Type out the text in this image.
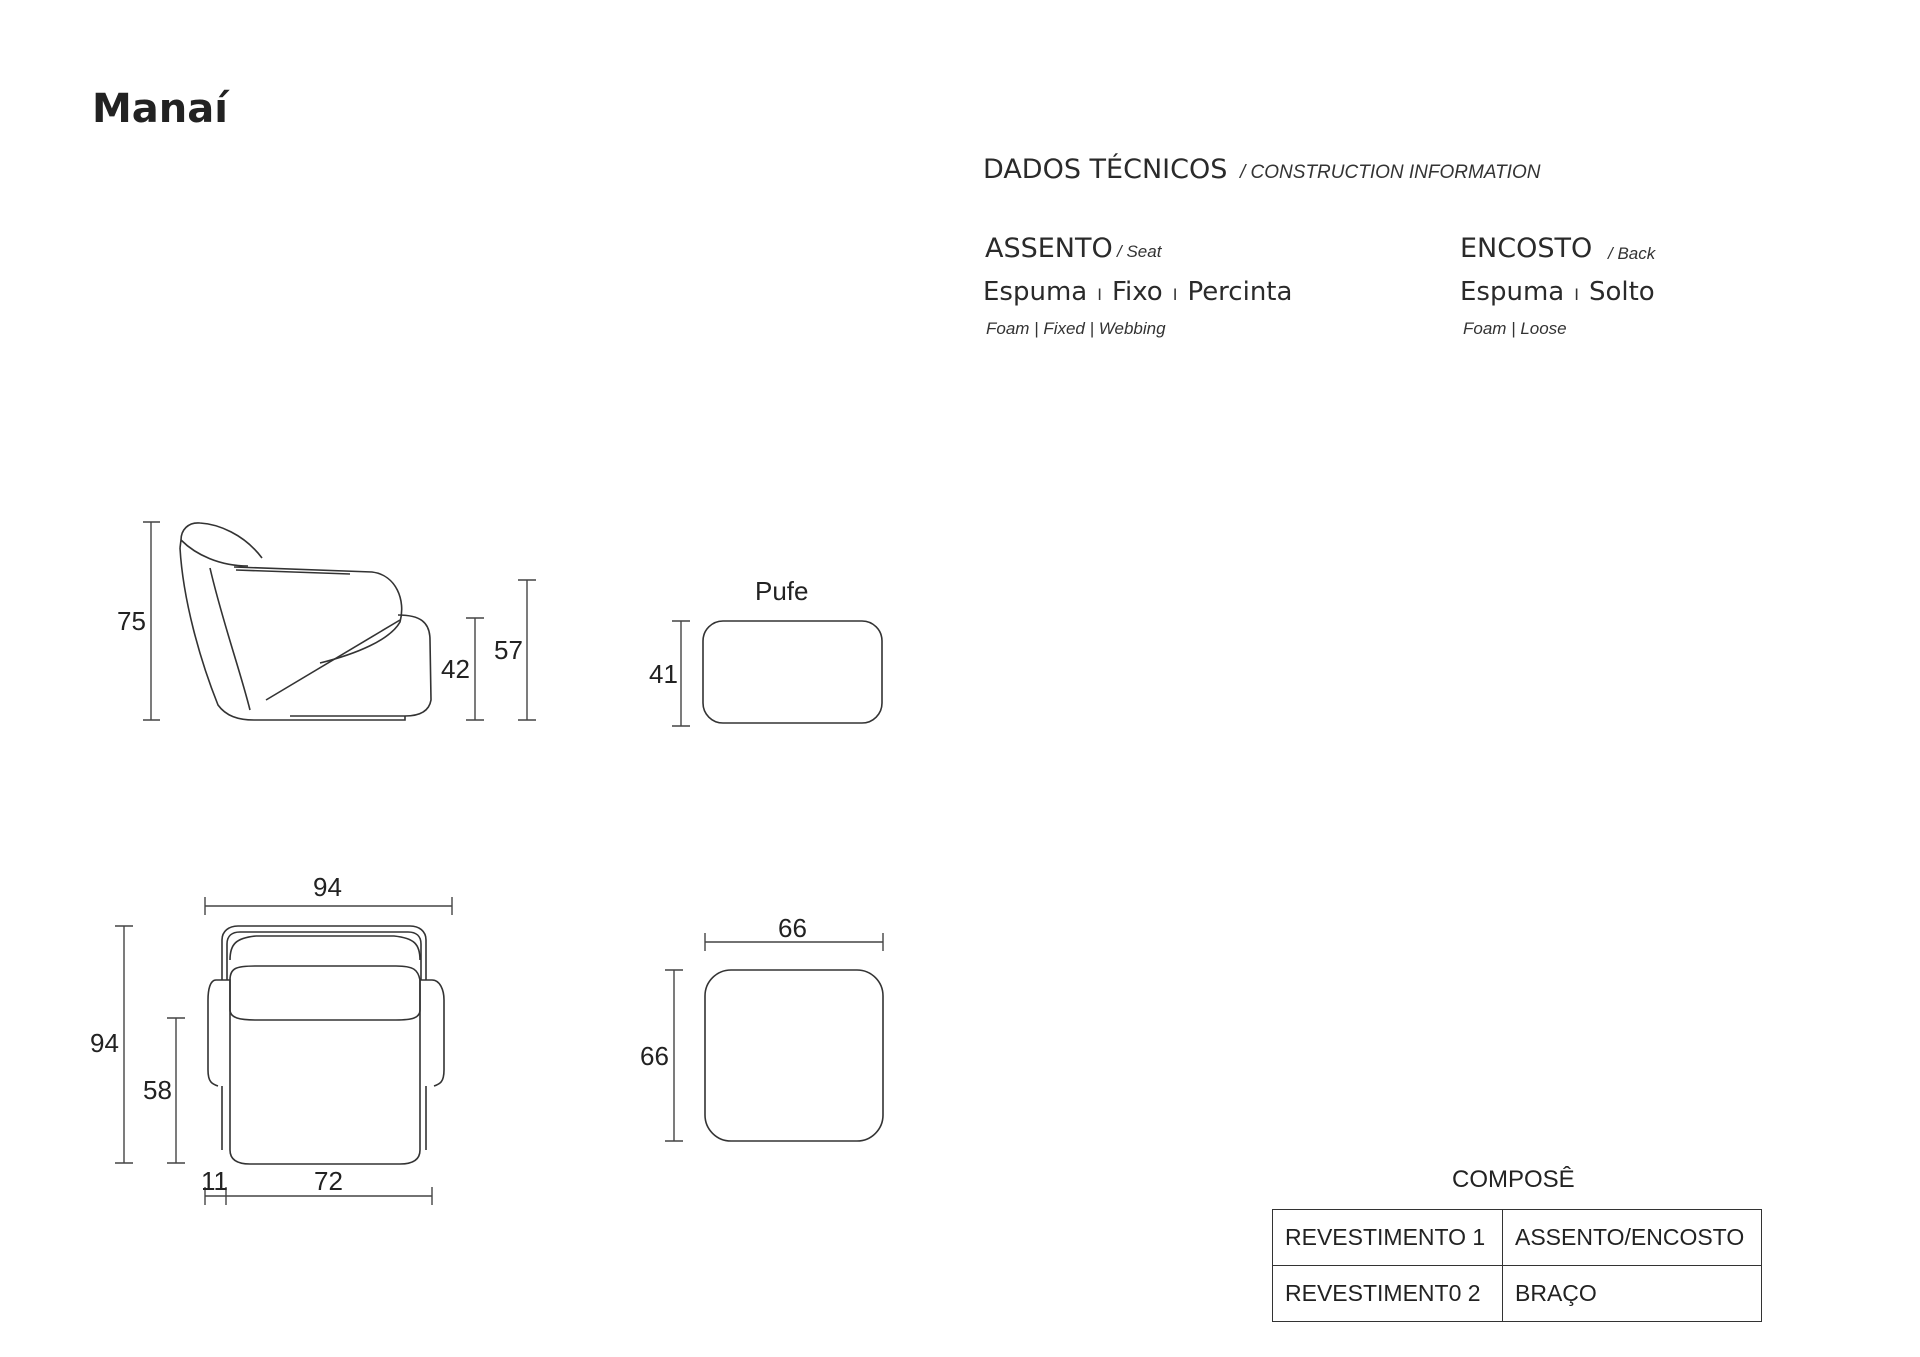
Manaí
DADOS TÉCNICOS / CONSTRUCTION INFORMATION
ASSENTO / Seat
Espuma I Fixo I Percinta
Foam | Fixed | Webbing
ENCOSTO / Back
Espuma I Solto
Foam | Loose
75
42
57
Pufe
41
94
94
58
11	72
66
66
COMPOSÊ
REVESTIMENTO 1	ASSENTO/ENCOSTO
REVESTIMENT0 2	BRAÇO
